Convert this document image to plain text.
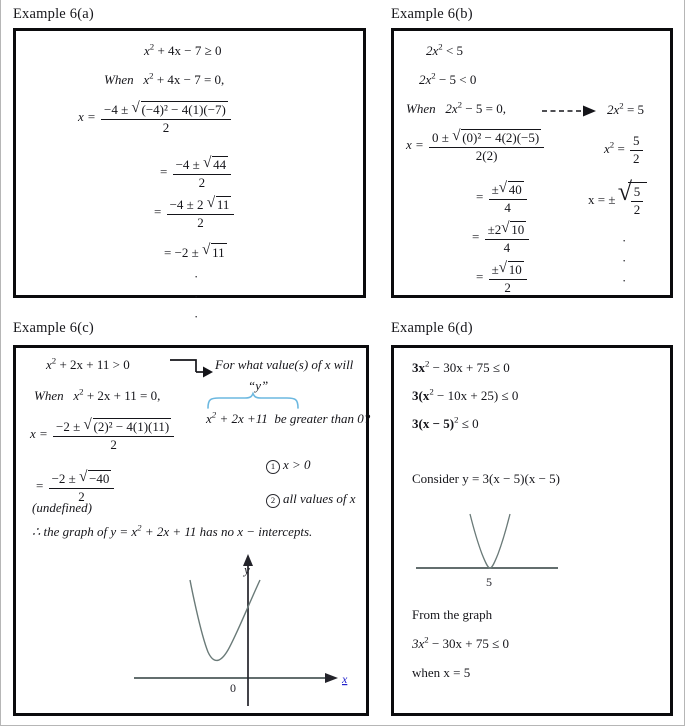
Example 6(a)
$x^2 + 4x - 7 \ge 0$
When $x^2 + 4x - 7 = 0$,
$x = \frac{\text{−4 ± √ (−4)² − 4(1)(−7)}}{2}$
= $\frac{-4 \pm √ 44}{2}$
= $\frac{-4 \pm 2 √ 11}{2}$
= −2 ± √ 11
·
·
·
Example 6(b)
$2x^2 < 5$
$2x^2 - 5 < 0$
When $2x^2 - 5 = 0$,	$2x^2 = 5$
$x = \frac{\text{0 ± √ (0)² − 4(2)(−5)}}{2(2)}$	$x^2 = \frac{5}{2}$
= $\frac{\pm √ 40}{4}$	x = ± √ $\frac{5}{2}$
= $\frac{\pm 2 √ 10}{4}$	·
·
·
= $\frac{\pm √ 10}{2}$
Example 6(c)
$x^2 + 2x + 11 > 0$	For what value(s) of x will
“y”
$x^2 + 2x +11$ be greater than 0?
When $x^2 + 2x + 11 = 0$,
$x = \frac{\text{−2 ± √ (2)² − 4(1)(11)}}{2}$
= $\frac{-2 \pm √ -40}{2}$
1 x > 0
2 all values of x
(undefined)
∴ the graph of $y = x^2 + 2x + 11$ has no x − intercepts.
y
0
x
Example 6(d)
$3x^2 - 30x + 75 \le 0$
$3(x^2 - 10x + 25) \le 0$
$3(x - 5)^2 \le 0$
Consider y = 3(x − 5)(x − 5)
5
From the graph
$3x^2 - 30x + 75 \le 0$
when x = 5
